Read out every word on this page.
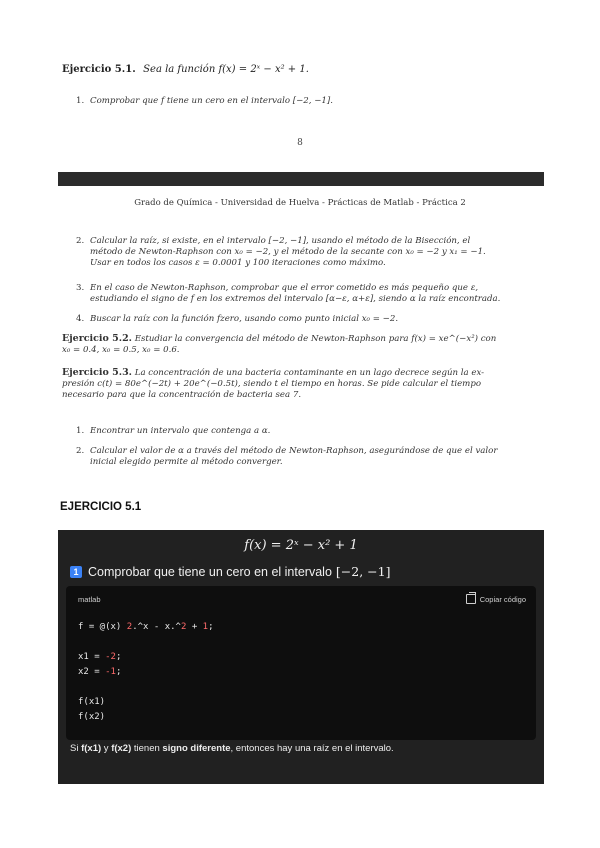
Ejercicio 5.1. Sea la función f(x) = 2ˣ − x² + 1.
1. Comprobar que f tiene un cero en el intervalo [−2, −1].
8
Grado de Química - Universidad de Huelva - Prácticas de Matlab - Práctica 2
2. Calcular la raíz, si existe, en el intervalo [−2, −1], usando el método de la Bisección, el
método de Newton-Raphson con x₀ = −2, y el método de la secante con x₀ = −2 y x₁ = −1.
Usar en todos los casos ε = 0.0001 y 100 iteraciones como máximo.
3. En el caso de Newton-Raphson, comprobar que el error cometido es más pequeño que ε,
estudiando el signo de f en los extremos del intervalo [α−ε, α+ε], siendo α la raíz encontrada.
4. Buscar la raíz con la función fzero, usando como punto inicial x₀ = −2.
Ejercicio 5.2. Estudiar la convergencia del método de Newton-Raphson para f(x) = xe^(−x²) con
x₀ = 0.4, x₀ = 0.5, x₀ = 0.6.
Ejercicio 5.3. La concentración de una bacteria contaminante en un lago decrece según la ex-
presión c(t) = 80e^(−2t) + 20e^(−0.5t), siendo t el tiempo en horas. Se pide calcular el tiempo
necesario para que la concentración de bacteria sea 7.
1. Encontrar un intervalo que contenga a α.
2. Calcular el valor de α a través del método de Newton-Raphson, asegurándose de que el valor
inicial elegido permite al método converger.
EJERCICIO 5.1
f(x) = 2ˣ − x² + 1
1 Comprobar que tiene un cero en el intervalo [−2, −1]
matlab	Copiar código
f = @(x) 2.^x - x.^2 + 1;
x1 = -2;
x2 = -1;
f(x1)
f(x2)
Si f(x1) y f(x2) tienen signo diferente, entonces hay una raíz en el intervalo.
